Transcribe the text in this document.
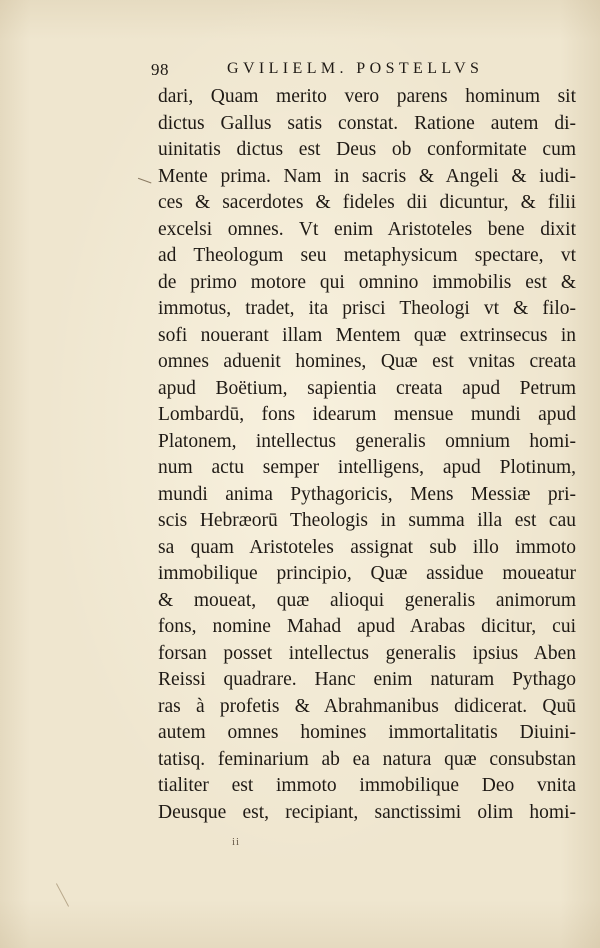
98	GVILIELM. POSTELLVS
dari, Quam merito vero parens hominum sit
dictus Gallus satis constat. Ratione autem di-
uinitatis dictus est Deus ob conformitate cum
Mente prima. Nam in sacris & Angeli & iudi-
ces & sacerdotes & fideles dii dicuntur, & filii
excelsi omnes. Vt enim Aristoteles bene dixit
ad Theologum seu metaphysicum spectare, vt
de primo motore qui omnino immobilis est &
immotus, tradet, ita prisci Theologi vt & filo-
sofi nouerant illam Mentem quæ extrinsecus in
omnes aduenit homines, Quæ est vnitas creata
apud Boëtium, sapientia creata apud Petrum
Lombardū, fons idearum mensue mundi apud
Platonem, intellectus generalis omnium homi-
num actu semper intelligens, apud Plotinum,
mundi anima Pythagoricis, Mens Messiæ pri-
scis Hebræorū Theologis in summa illa est cau
sa quam Aristoteles assignat sub illo immoto
immobilique principio, Quæ assidue moueatur
& moueat, quæ alioqui generalis animorum
fons, nomine Mahad apud Arabas dicitur, cui
forsan posset intellectus generalis ipsius Aben
Reissi quadrare. Hanc enim naturam Pythago
ras à profetis & Abrahmanibus didicerat. Quū
autem omnes homines immortalitatis Diuini-
tatisq. feminarium ab ea natura quæ consubstan
tialiter est immoto immobilique Deo vnita
Deusque est, recipiant, sanctissimi olim homi-
ii
